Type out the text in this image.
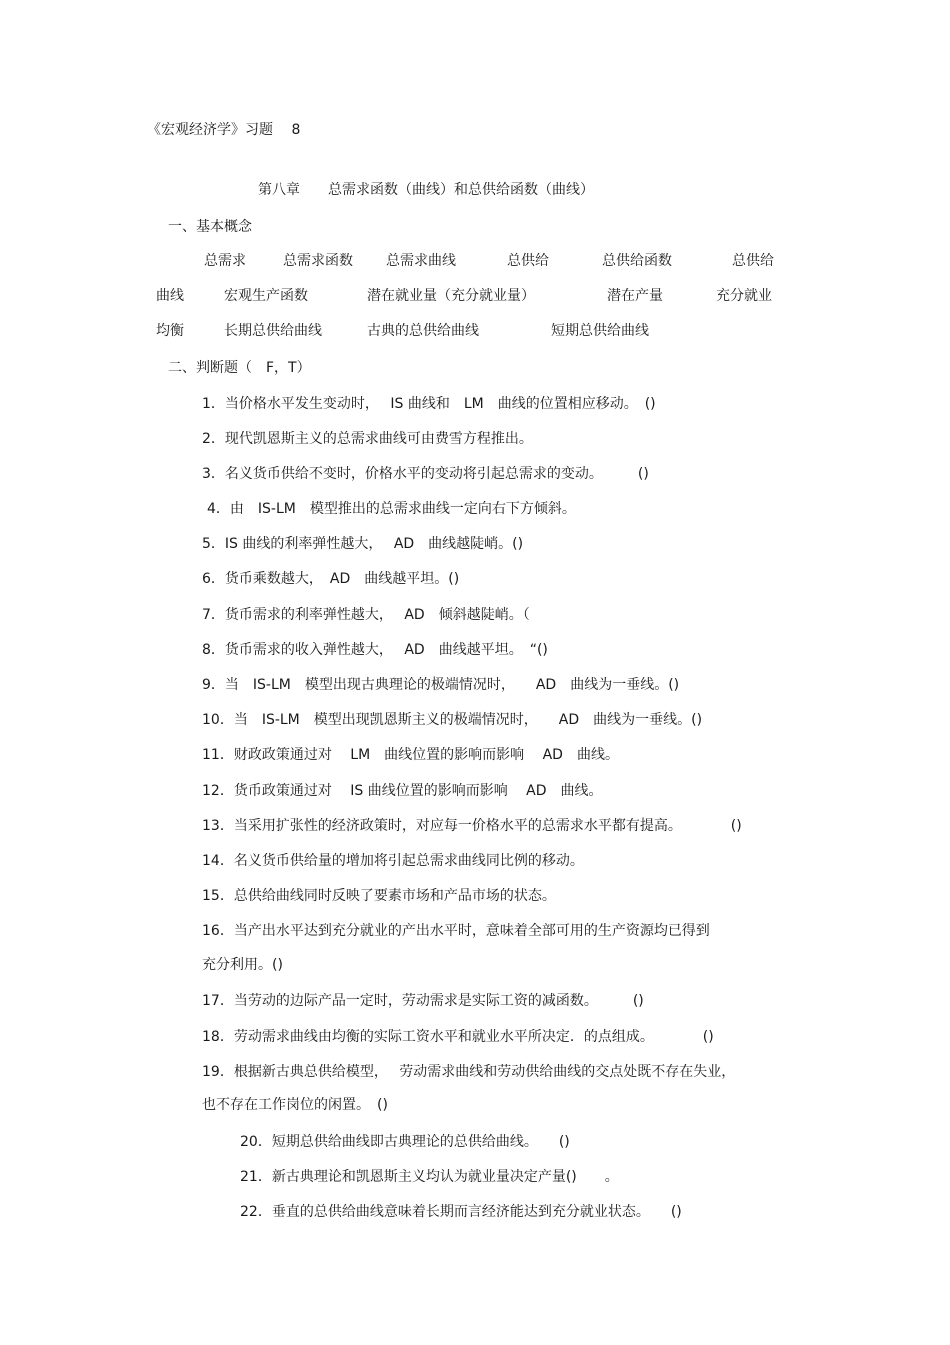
《宏观经济学》习题　 8
第八章　　总需求函数（曲线）和总供给函数（曲线）
一、基本概念
总需求	总需求函数 总需求曲线	总供给	总供给函数	总供给
曲线	宏观生产函数	潜在就业量（充分就业量）	潜在产量	充分就业
均衡	长期总供给曲线	古典的总供给曲线	短期总供给曲线
二、判断题（　F，T）
1．当价格水平发生变动时，　 IS 曲线和　LM　曲线的位置相应移动。　()
2．现代凯恩斯主义的总需求曲线可由费雪方程推出。
3．名义货币供给不变时，价格水平的变动将引起总需求的变动。　　　()
4．由　IS-LM　模型推出的总需求曲线一定向右下方倾斜。
5．IS 曲线的利率弹性越大，　 AD　曲线越陡峭。()
6．货币乘数越大，　AD　曲线越平坦。()
7．货币需求的利率弹性越大，　 AD　倾斜越陡峭。（
8．货币需求的收入弹性越大，　 AD　曲线越平坦。　“()
9．当　IS-LM　模型出现古典理论的极端情况时，　　AD　曲线为一垂线。()
10．当　IS-LM　模型出现凯恩斯主义的极端情况时，　　AD　曲线为一垂线。()
11．财政政策通过对　 LM　曲线位置的影响而影响　 AD　曲线。
12．货币政策通过对　 IS 曲线位置的影响而影响　 AD　曲线。
13．当采用扩张性的经济政策时，对应每一价格水平的总需求水平都有提高。　　　　()
14．名义货币供给量的增加将引起总需求曲线同比例的移动。
15．总供给曲线同时反映了要素市场和产品市场的状态。
16．当产出水平达到充分就业的产出水平时，意味着全部可用的生产资源均已得到
充分利用。()
17．当劳动的边际产品一定时，劳动需求是实际工资的减函数。　　　()
18．劳动需求曲线由均衡的实际工资水平和就业水平所决定．的点组成。　　　　()
19．根据新古典总供给模型，　 劳动需求曲线和劳动供给曲线的交点处既不存在失业，
也不存在工作岗位的闲置。　()
20．短期总供给曲线即古典理论的总供给曲线。　　()
21．新古典理论和凯恩斯主义均认为就业量决定产量()　　。
22．垂直的总供给曲线意味着长期而言经济能达到充分就业状态。　　()
